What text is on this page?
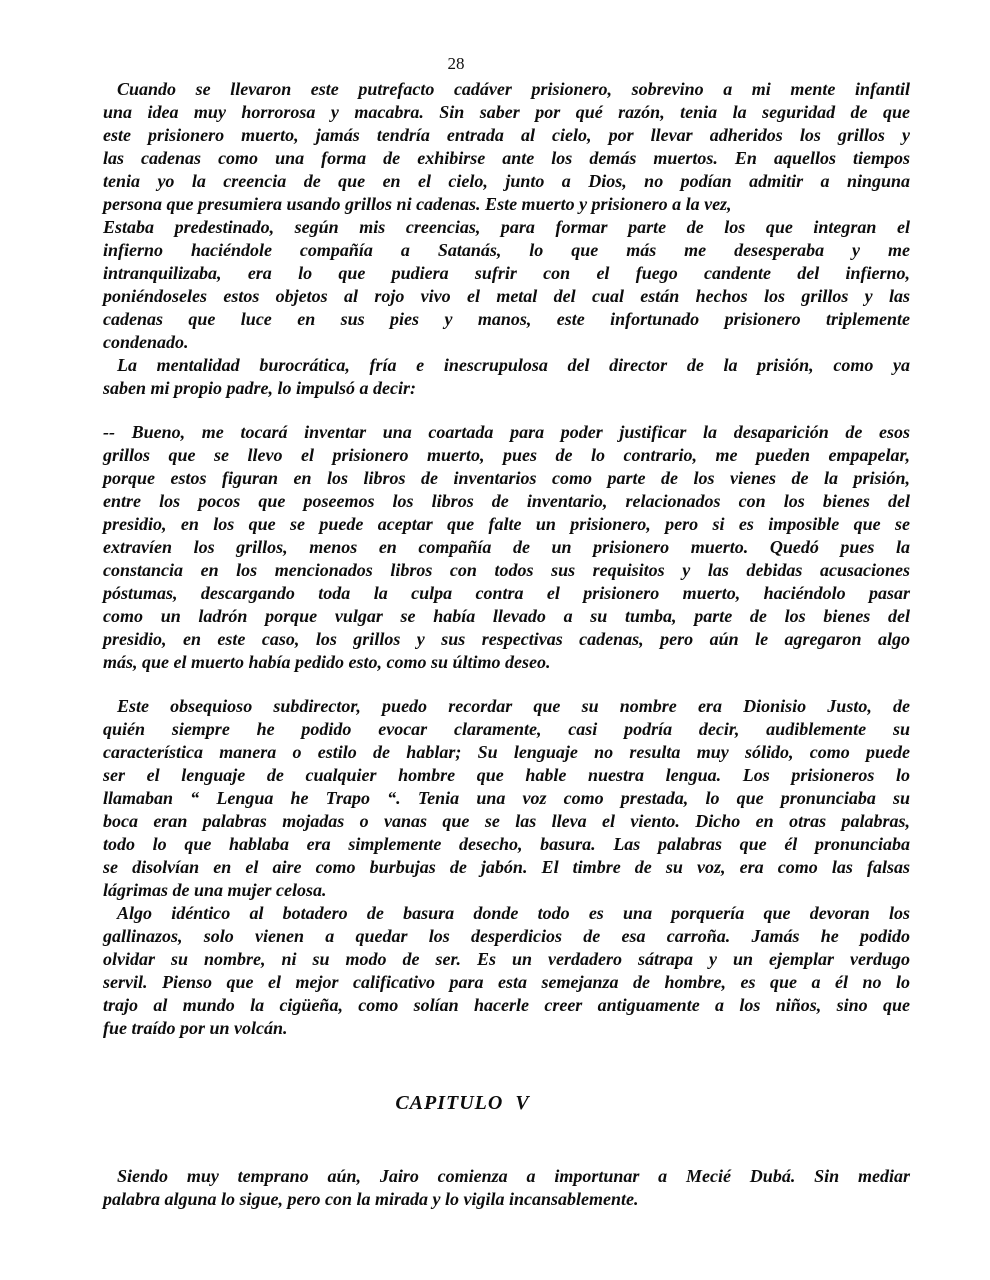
28
Cuando se llevaron este putrefacto cadáver prisionero, sobrevino a mi mente infantil
una idea muy horrorosa y macabra. Sin saber por qué razón, tenia la seguridad de que
este prisionero muerto, jamás tendría entrada al cielo, por llevar adheridos los grillos y
las cadenas como una forma de exhibirse ante los demás muertos. En aquellos tiempos
tenia yo la creencia de que en el cielo, junto a Dios, no podían admitir a ninguna
persona que presumiera usando grillos ni cadenas. Este muerto y prisionero a la vez,
Estaba predestinado, según mis creencias, para formar parte de los que integran el
infierno haciéndole compañía a Satanás, lo que más me desesperaba y me
intranquilizaba, era lo que pudiera sufrir con el fuego candente del infierno,
poniéndoseles estos objetos al rojo vivo el metal del cual están hechos los grillos y las
cadenas que luce en sus pies y manos, este infortunado prisionero triplemente
condenado.
La mentalidad burocrática, fría e inescrupulosa del director de la prisión, como ya
saben mi propio padre, lo impulsó a decir:
-- Bueno, me tocará inventar una coartada para poder justificar la desaparición de esos
grillos que se llevo el prisionero muerto, pues de lo contrario, me pueden empapelar,
porque estos figuran en los libros de inventarios como parte de los vienes de la prisión,
entre los pocos que poseemos los libros de inventario, relacionados con los bienes del
presidio, en los que se puede aceptar que falte un prisionero, pero si es imposible que se
extravíen los grillos, menos en compañía de un prisionero muerto. Quedó pues la
constancia en los mencionados libros con todos sus requisitos y las debidas acusaciones
póstumas, descargando toda la culpa contra el prisionero muerto, haciéndolo pasar
como un ladrón porque vulgar se había llevado a su tumba, parte de los bienes del
presidio, en este caso, los grillos y sus respectivas cadenas, pero aún le agregaron algo
más, que el muerto había pedido esto, como su último deseo.
Este obsequioso subdirector, puedo recordar que su nombre era Dionisio Justo, de
quién siempre he podido evocar claramente, casi podría decir, audiblemente su
característica manera o estilo de hablar; Su lenguaje no resulta muy sólido, como puede
ser el lenguaje de cualquier hombre que hable nuestra lengua. Los prisioneros lo
llamaban “ Lengua he Trapo “. Tenia una voz como prestada, lo que pronunciaba su
boca eran palabras mojadas o vanas que se las lleva el viento. Dicho en otras palabras,
todo lo que hablaba era simplemente desecho, basura. Las palabras que él pronunciaba
se disolvían en el aire como burbujas de jabón. El timbre de su voz, era como las falsas
lágrimas de una mujer celosa.
Algo idéntico al botadero de basura donde todo es una porquería que devoran los
gallinazos, solo vienen a quedar los desperdicios de esa carroña. Jamás he podido
olvidar su nombre, ni su modo de ser. Es un verdadero sátrapa y un ejemplar verdugo
servil. Pienso que el mejor calificativo para esta semejanza de hombre, es que a él no lo
trajo al mundo la cigüeña, como solían hacerle creer antiguamente a los niños, sino que
fue traído por un volcán.
CAPITULO  V
Siendo muy temprano aún, Jairo comienza a importunar a Mecié Dubá. Sin mediar
palabra alguna lo sigue, pero con la mirada y lo vigila incansablemente.
